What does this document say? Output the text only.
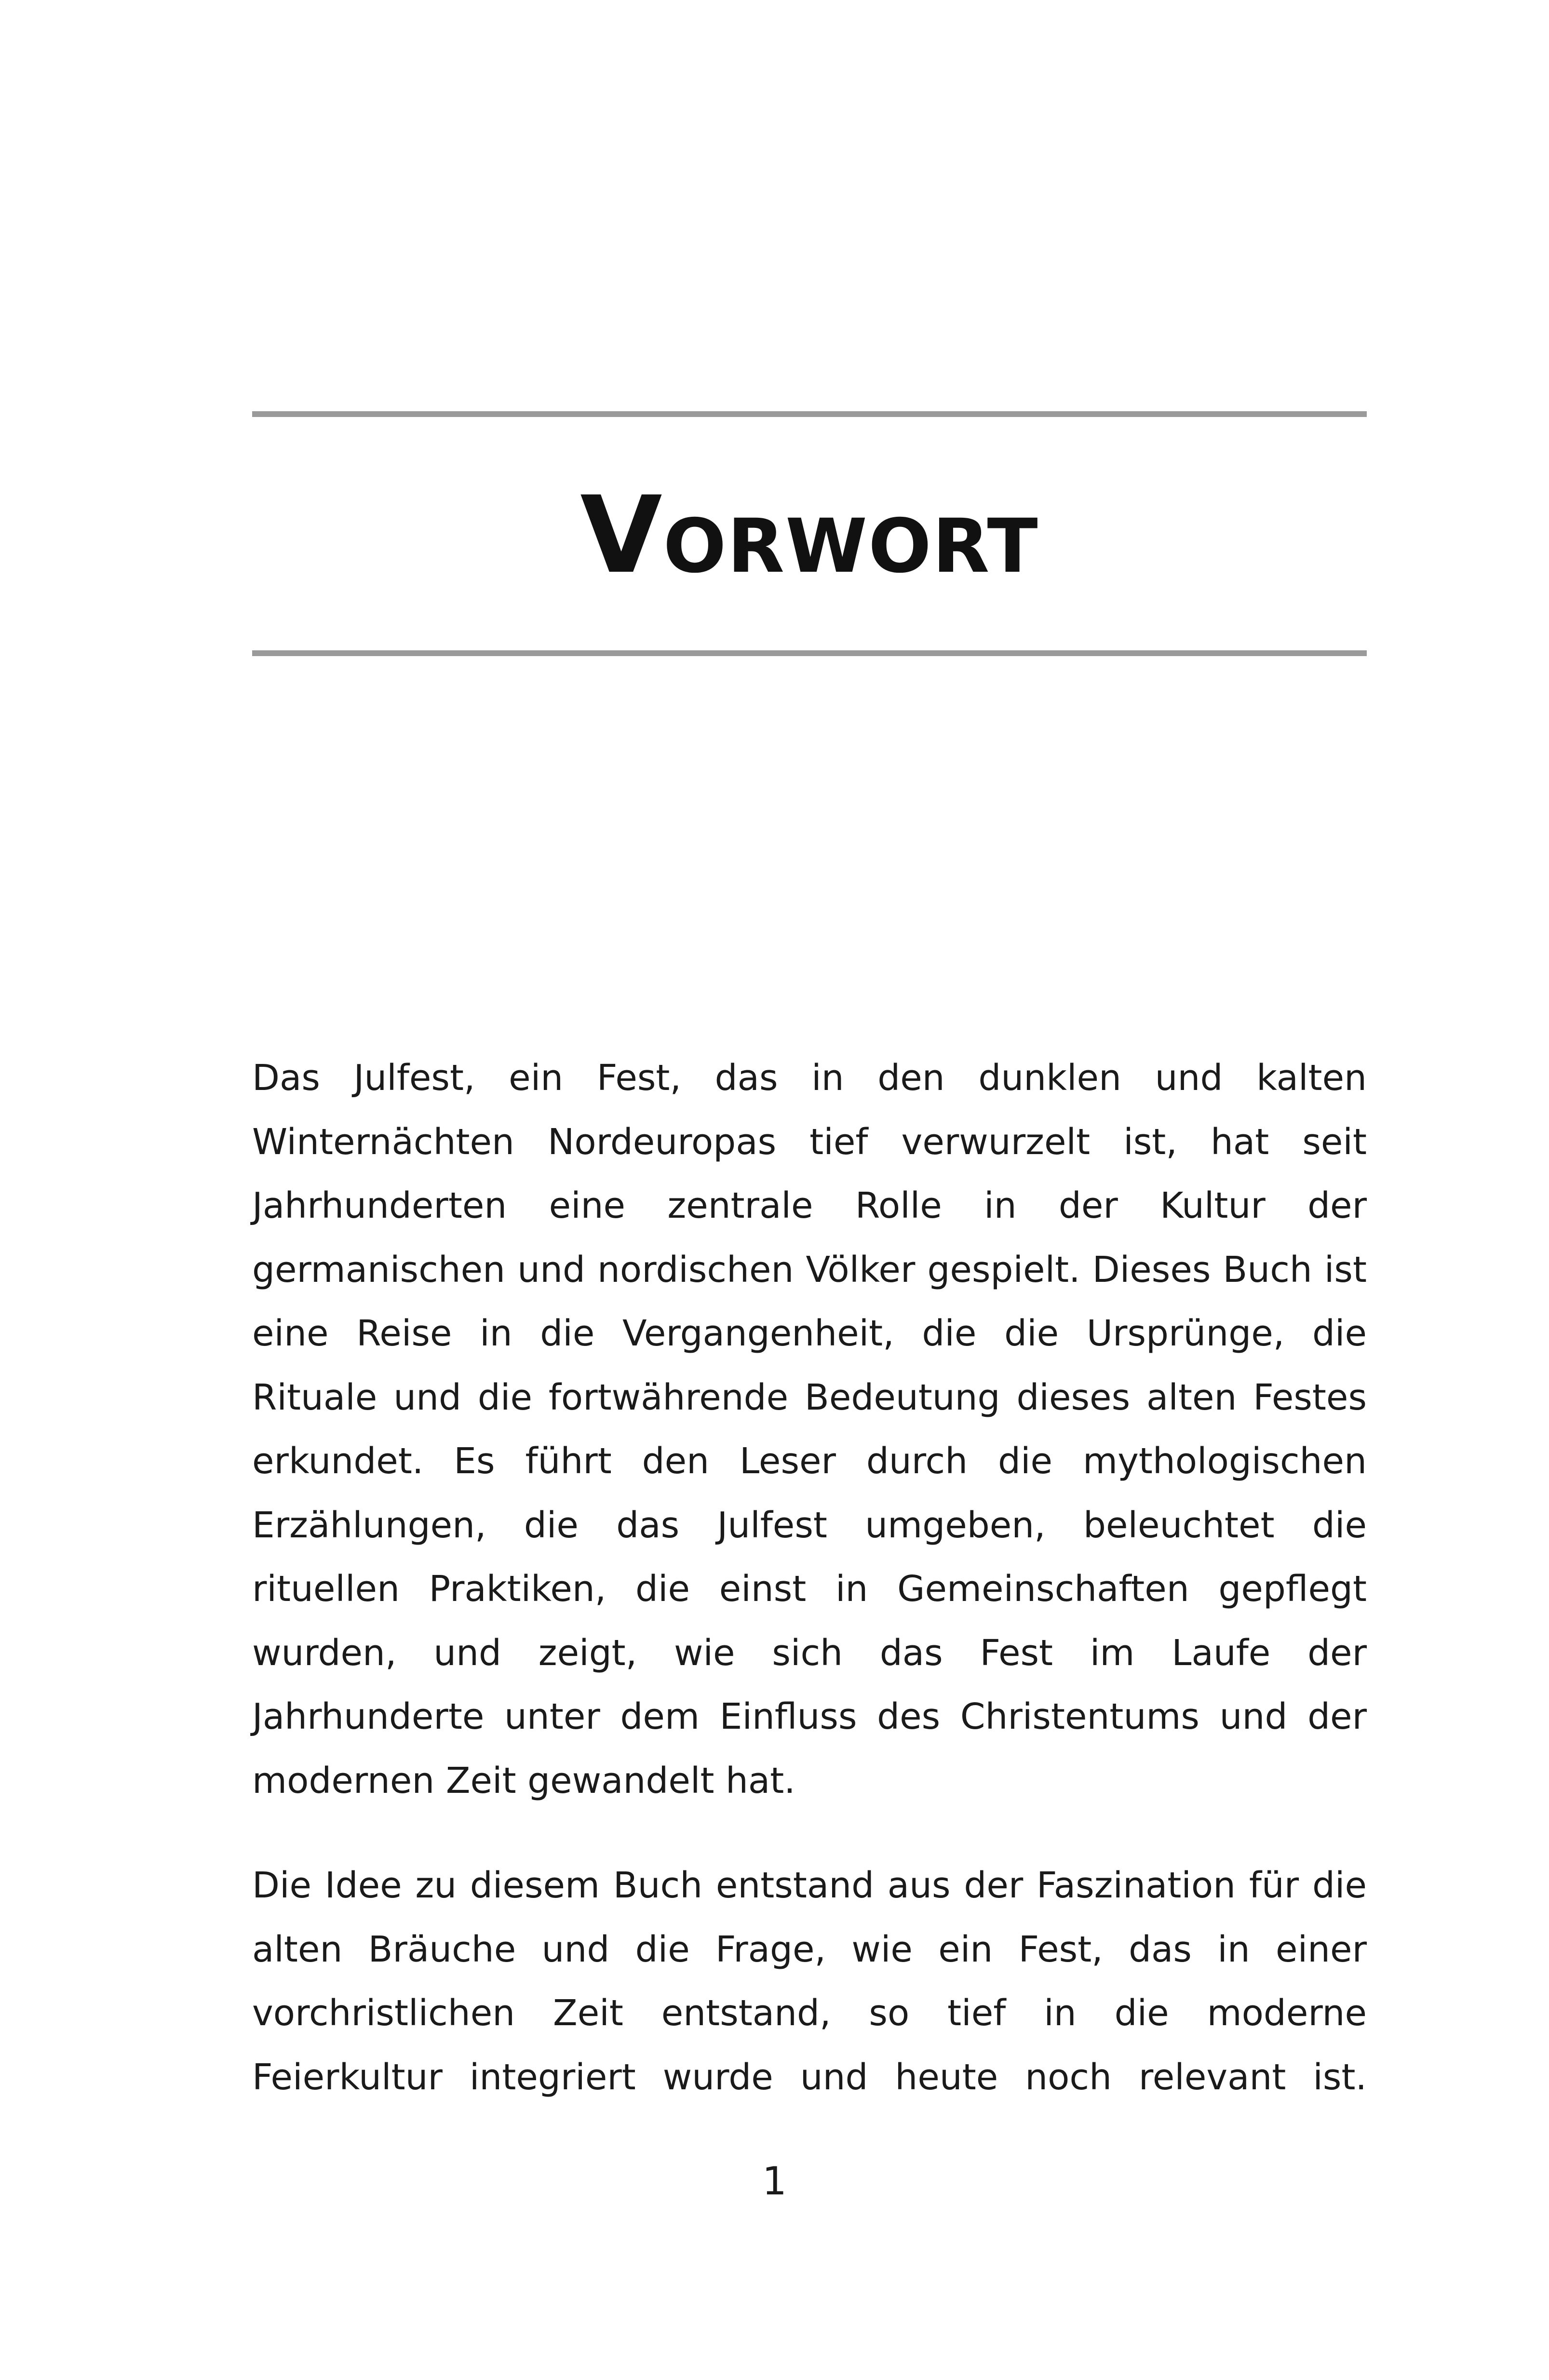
Vorwort

Das Julfest, ein Fest, das in den dunklen und kalten Winternächten Nordeuropas tief verwurzelt ist, hat seit Jahrhunderten eine zentrale Rolle in der Kultur der germanischen und nordischen Völker gespielt. Dieses Buch ist eine Reise in die Vergangenheit, die die Ursprünge, die Rituale und die fortwährende Bedeutung dieses alten Festes erkundet. Es führt den Leser durch die mythologischen Erzählungen, die das Julfest umgeben, beleuchtet die rituellen Praktiken, die einst in Gemeinschaften gepflegt wurden, und zeigt, wie sich das Fest im Laufe der Jahrhunderte unter dem Einfluss des Christentums und der modernen Zeit gewandelt hat.

Die Idee zu diesem Buch entstand aus der Faszination für die alten Bräuche und die Frage, wie ein Fest, das in einer vorchristlichen Zeit entstand, so tief in die moderne Feierkultur integriert wurde und heute noch relevant ist.

1
